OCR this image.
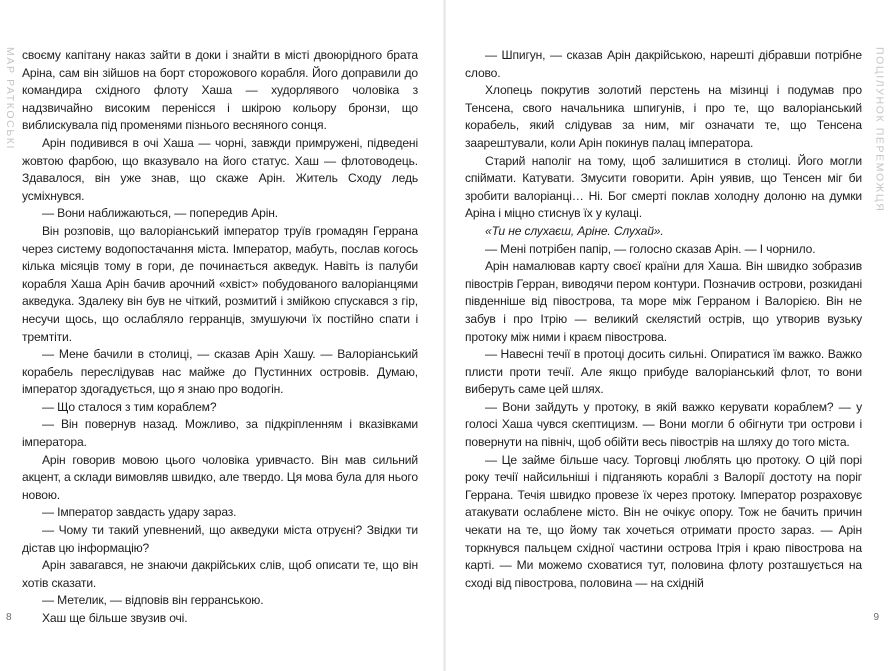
МАР РАТКОСЬКІ своєму капітану наказ зайти в доки і знайти в місті двоюрідного брата Аріна, сам він зійшов на борт сторожового корабля. Його доправили до командира східного флоту Хаша — худорлявого чоловіка з надзвичайно високим перенісся і шкірою кольору бронзи, що виблискувала під променями пізнього весняного сонця.

Арін подивився в очі Хаша — чорні, завжди примружені, підведені жовтою фарбою, що вказувало на його статус. Хаш — флотоводець. Здавалося, він уже знав, що скаже Арін. Житель Сходу ледь усміхнувся.

— Вони наближаються, — попередив Арін.

Він розповів, що валоріанський імператор труїв громадян Геррана через систему водопостачання міста. Імператор, мабуть, послав когось кілька місяців тому в гори, де починається акведук. Навіть із палуби корабля Хаша Арін бачив арочний «хвіст» побудованого валоріанцями акведука. Здалеку він був не чіткий, розмитий і змійкою спускався з гір, несучи щось, що ослабляло герранців, змушуючи їх постійно спати і тремтіти.

— Мене бачили в столиці, — сказав Арін Хашу. — Валоріанський корабель переслідував нас майже до Пустинних островів. Думаю, імператор здогадується, що я знаю про водогін.

— Що сталося з тим кораблем?

— Він повернув назад. Можливо, за підкріпленням і вказівками імператора.

Арін говорив мовою цього чоловіка уривчасто. Він мав сильний акцент, а склади вимовляв швидко, але твердо. Ця мова була для нього новою.

— Імператор завдасть удару зараз.

— Чому ти такий упевнений, що акведуки міста отруєні? Звідки ти дістав цю інформацію?

Арін завагався, не знаючи дакрійських слів, щоб описати те, що він хотів сказати.

— Метелик, — відповів він герранською.

Хаш ще більше звузив очі.

8
ПОЦІЛУНОК ПЕРЕМОЖЦЯ

— Шпигун, — сказав Арін дакрійською, нарешті дібравши потрібне слово.

Хлопець покрутив золотий перстень на мізинці і подумав про Тенсена, свого начальника шпигунів, і про те, що валоріанський корабель, який слідував за ним, міг означати те, що Тенсена заарештували, коли Арін покинув палац імператора.

Старий наполіг на тому, щоб залишитися в столиці. Його могли спіймати. Катувати. Змусити говорити. Арін уявив, що Тенсен міг би зробити валоріанці… Ні. Бог смерті поклав холодну долоню на думки Аріна і міцно стиснув їх у кулаці.

«Ти не слухаєш, Аріне. Слухай».

— Мені потрібен папір, — голосно сказав Арін. — І чорнило.

Арін намалював карту своєї країни для Хаша. Він швидко зобразив півострів Герран, виводячи пером контури. Позначив острови, розкидані південніше від півострова, та море між Герраном і Валорією. Він не забув і про Ітрію — великий скелястий острів, що утворив вузьку протоку між ними і краєм півострова.

— Навесні течії в протоці досить сильні. Опиратися їм важко. Важко плисти проти течії. Але якщо прибуде валоріанський флот, то вони виберуть саме цей шлях.

— Вони зайдуть у протоку, в якій важко керувати кораблем? — у голосі Хаша чувся скептицизм. — Вони могли б обігнути три острови і повернути на північ, щоб обійти весь півострів на шляху до того міста.

— Це займе більше часу. Торговці люблять цю протоку. О цій порі року течії найсильніші і підганяють кораблі з Валорії достоту на поріг Геррана. Течія швидко провезе їх через протоку. Імператор розраховує атакувати ослаблене місто. Він не очікує опору. Тож не бачить причин чекати на те, що йому так хочеться отримати просто зараз. — Арін торкнувся пальцем східної частини острова Ітрія і краю півострова на карті. — Ми можемо сховатися тут, половина флоту розташується на сході від півострова, половина — на східній

9
